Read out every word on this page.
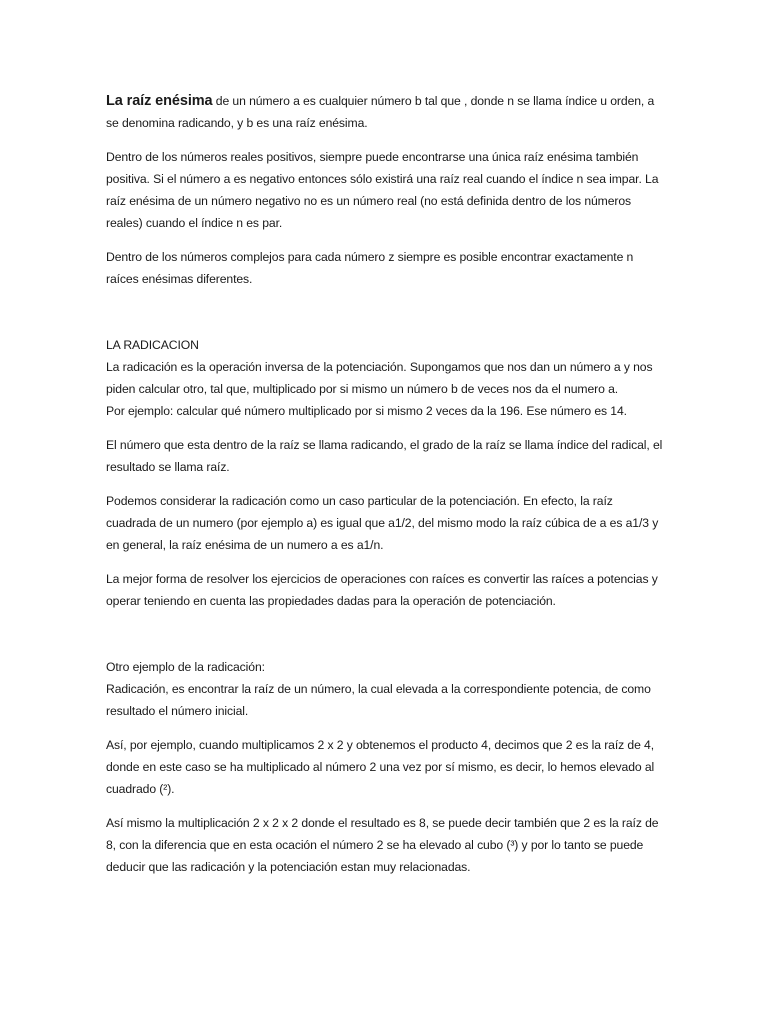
La raíz enésima de un número a es cualquier número b tal que , donde n se llama índice u orden, a se denomina radicando, y b es una raíz enésima.

Dentro de los números reales positivos, siempre puede encontrarse una única raíz enésima también positiva. Si el número a es negativo entonces sólo existirá una raíz real cuando el índice n sea impar. La raíz enésima de un número negativo no es un número real (no está definida dentro de los números reales) cuando el índice n es par.

Dentro de los números complejos para cada número z siempre es posible encontrar exactamente n raíces enésimas diferentes.

LA RADICACION

La radicación es la operación inversa de la potenciación. Supongamos que nos dan un número a y nos piden calcular otro, tal que, multiplicado por si mismo un número b de veces nos da el numero a.

Por ejemplo: calcular qué número multiplicado por si mismo 2 veces da la 196. Ese número es 14.

El número que esta dentro de la raíz se llama radicando, el grado de la raíz se llama índice del radical, el resultado se llama raíz.

Podemos considerar la radicación como un caso particular de la potenciación. En efecto, la raíz cuadrada de un numero (por ejemplo a) es igual que a1/2, del mismo modo la raíz cúbica de a es a1/3 y en general, la raíz enésima de un numero a es a1/n.

La mejor forma de resolver los ejercicios de operaciones con raíces es convertir las raíces a potencias y operar teniendo en cuenta las propiedades dadas para la operación de potenciación.

Otro ejemplo de la radicación:

Radicación, es encontrar la raíz de un número, la cual elevada a la correspondiente potencia, de como resultado el número inicial.

Así, por ejemplo, cuando multiplicamos 2 x 2 y obtenemos el producto 4, decimos que 2 es la raíz de 4, donde en este caso se ha multiplicado al número 2 una vez por sí mismo, es decir, lo hemos elevado al cuadrado (²).

Así mismo la multiplicación 2 x 2 x 2 donde el resultado es 8, se puede decir también que 2 es la raíz de 8, con la diferencia que en esta ocación el número 2 se ha elevado al cubo (³) y por lo tanto se puede deducir que las radicación y la potenciación estan muy relacionadas.
